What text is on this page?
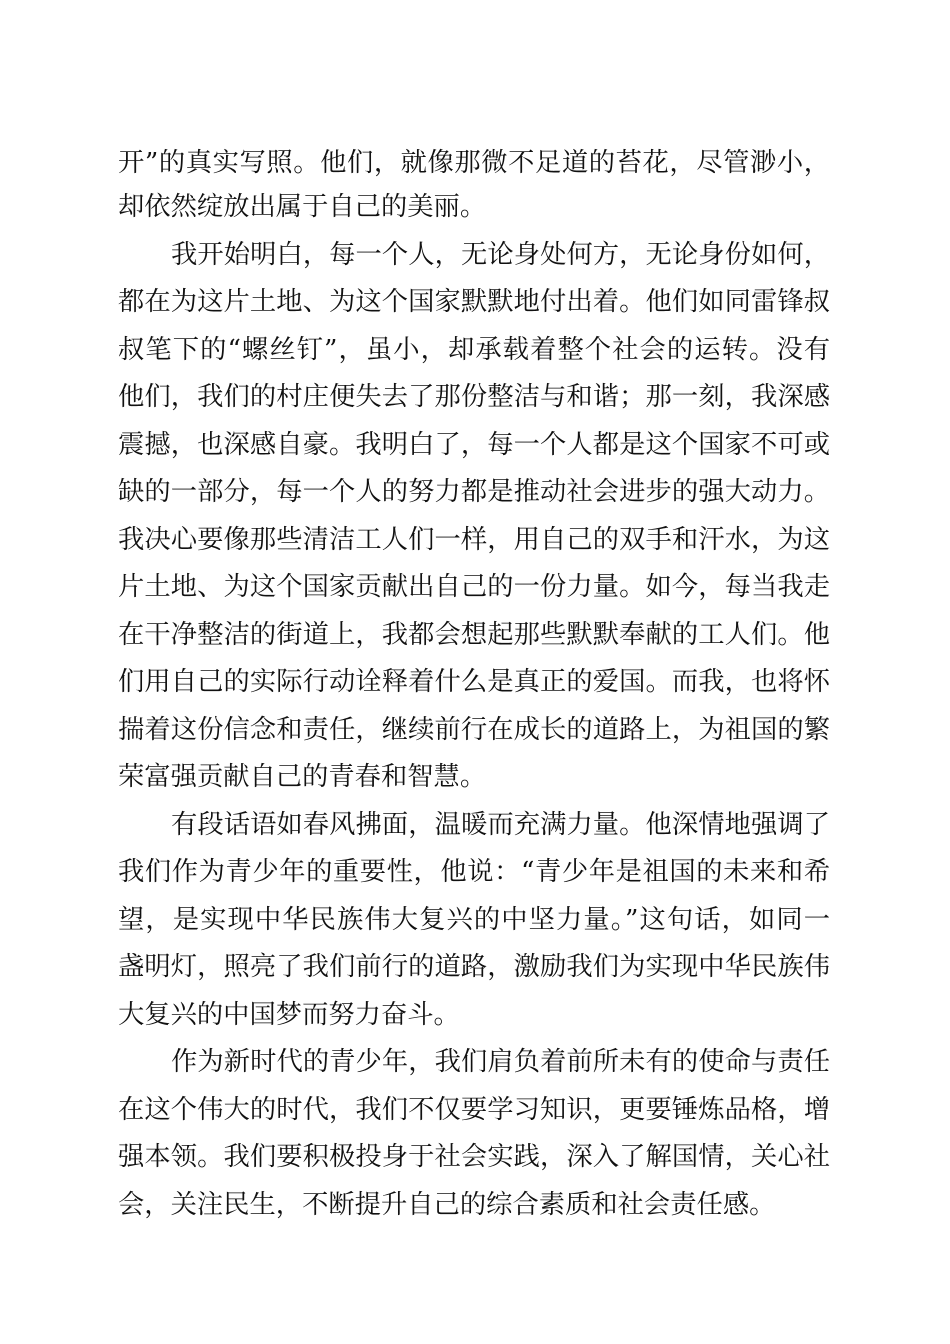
开”的真实写照。他们，就像那微不足道的苔花，尽管渺小，
却依然绽放出属于自己的美丽。
我开始明白，每一个人，无论身处何方，无论身份如何，
都在为这片土地、为这个国家默默地付出着。他们如同雷锋叔
叔笔下的“螺丝钉”，虽小，却承载着整个社会的运转。没有
他们，我们的村庄便失去了那份整洁与和谐；那一刻，我深感
震撼，也深感自豪。我明白了，每一个人都是这个国家不可或
缺的一部分，每一个人的努力都是推动社会进步的强大动力。
我决心要像那些清洁工人们一样，用自己的双手和汗水，为这
片土地、为这个国家贡献出自己的一份力量。如今，每当我走
在干净整洁的街道上，我都会想起那些默默奉献的工人们。他
们用自己的实际行动诠释着什么是真正的爱国。而我，也将怀
揣着这份信念和责任，继续前行在成长的道路上，为祖国的繁
荣富强贡献自己的青春和智慧。
有段话语如春风拂面，温暖而充满力量。他深情地强调了
我们作为青少年的重要性，他说：“青少年是祖国的未来和希
望，是实现中华民族伟大复兴的中坚力量。”这句话，如同一
盏明灯，照亮了我们前行的道路，激励我们为实现中华民族伟
大复兴的中国梦而努力奋斗。
作为新时代的青少年，我们肩负着前所未有的使命与责任
在这个伟大的时代，我们不仅要学习知识，更要锤炼品格，增
强本领。我们要积极投身于社会实践，深入了解国情，关心社
会，关注民生，不断提升自己的综合素质和社会责任感。
